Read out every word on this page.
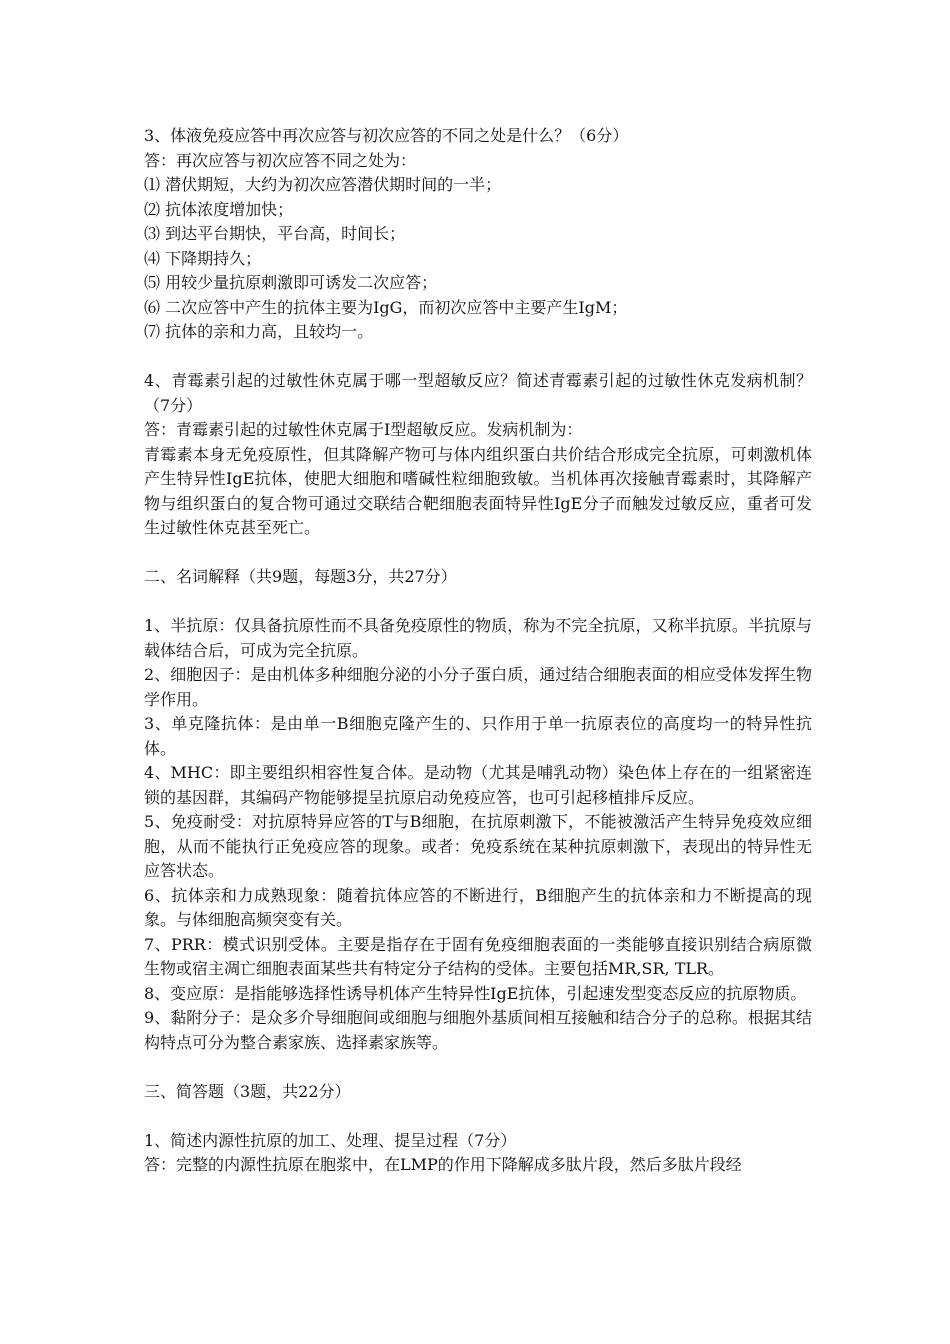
3、体液免疫应答中再次应答与初次应答的不同之处是什么？（6分）
答：再次应答与初次应答不同之处为：
⑴ 潜伏期短，大约为初次应答潜伏期时间的一半；
⑵ 抗体浓度增加快；
⑶ 到达平台期快，平台高，时间长；
⑷ 下降期持久；
⑸ 用较少量抗原刺激即可诱发二次应答；
⑹ 二次应答中产生的抗体主要为IgG，而初次应答中主要产生IgM；
⑺ 抗体的亲和力高，且较均一。
4、青霉素引起的过敏性休克属于哪一型超敏反应？简述青霉素引起的过敏性休克发病机制？（7分）
答：青霉素引起的过敏性休克属于Ⅰ型超敏反应。发病机制为：
青霉素本身无免疫原性，但其降解产物可与体内组织蛋白共价结合形成完全抗原，可刺激机体产生特异性IgE抗体，使肥大细胞和嗜碱性粒细胞致敏。当机体再次接触青霉素时，其降解产物与组织蛋白的复合物可通过交联结合靶细胞表面特异性IgE分子而触发过敏反应，重者可发生过敏性休克甚至死亡。
二、名词解释（共9题，每题3分，共27分）
1、半抗原：仅具备抗原性而不具备免疫原性的物质，称为不完全抗原，又称半抗原。半抗原与载体结合后，可成为完全抗原。
2、细胞因子：是由机体多种细胞分泌的小分子蛋白质，通过结合细胞表面的相应受体发挥生物学作用。
3、单克隆抗体：是由单一B细胞克隆产生的、只作用于单一抗原表位的高度均一的特异性抗体。
4、MHC：即主要组织相容性复合体。是动物（尤其是哺乳动物）染色体上存在的一组紧密连锁的基因群，其编码产物能够提呈抗原启动免疫应答，也可引起移植排斥反应。
5、免疫耐受：对抗原特异应答的T与B细胞，在抗原刺激下，不能被激活产生特异免疫效应细胞，从而不能执行正免疫应答的现象。或者：免疫系统在某种抗原刺激下，表现出的特异性无应答状态。
6、抗体亲和力成熟现象：随着抗体应答的不断进行，B细胞产生的抗体亲和力不断提高的现象。与体细胞高频突变有关。
7、PRR：模式识别受体。主要是指存在于固有免疫细胞表面的一类能够直接识别结合病原微生物或宿主凋亡细胞表面某些共有特定分子结构的受体。主要包括MR,SR, TLR。
8、变应原：是指能够选择性诱导机体产生特异性IgE抗体，引起速发型变态反应的抗原物质。
9、黏附分子：是众多介导细胞间或细胞与细胞外基质间相互接触和结合分子的总称。根据其结构特点可分为整合素家族、选择素家族等。
三、简答题（3题，共22分）
1、简述内源性抗原的加工、处理、提呈过程（7分）
答：完整的内源性抗原在胞浆中，在LMP的作用下降解成多肽片段，然后多肽片段经
